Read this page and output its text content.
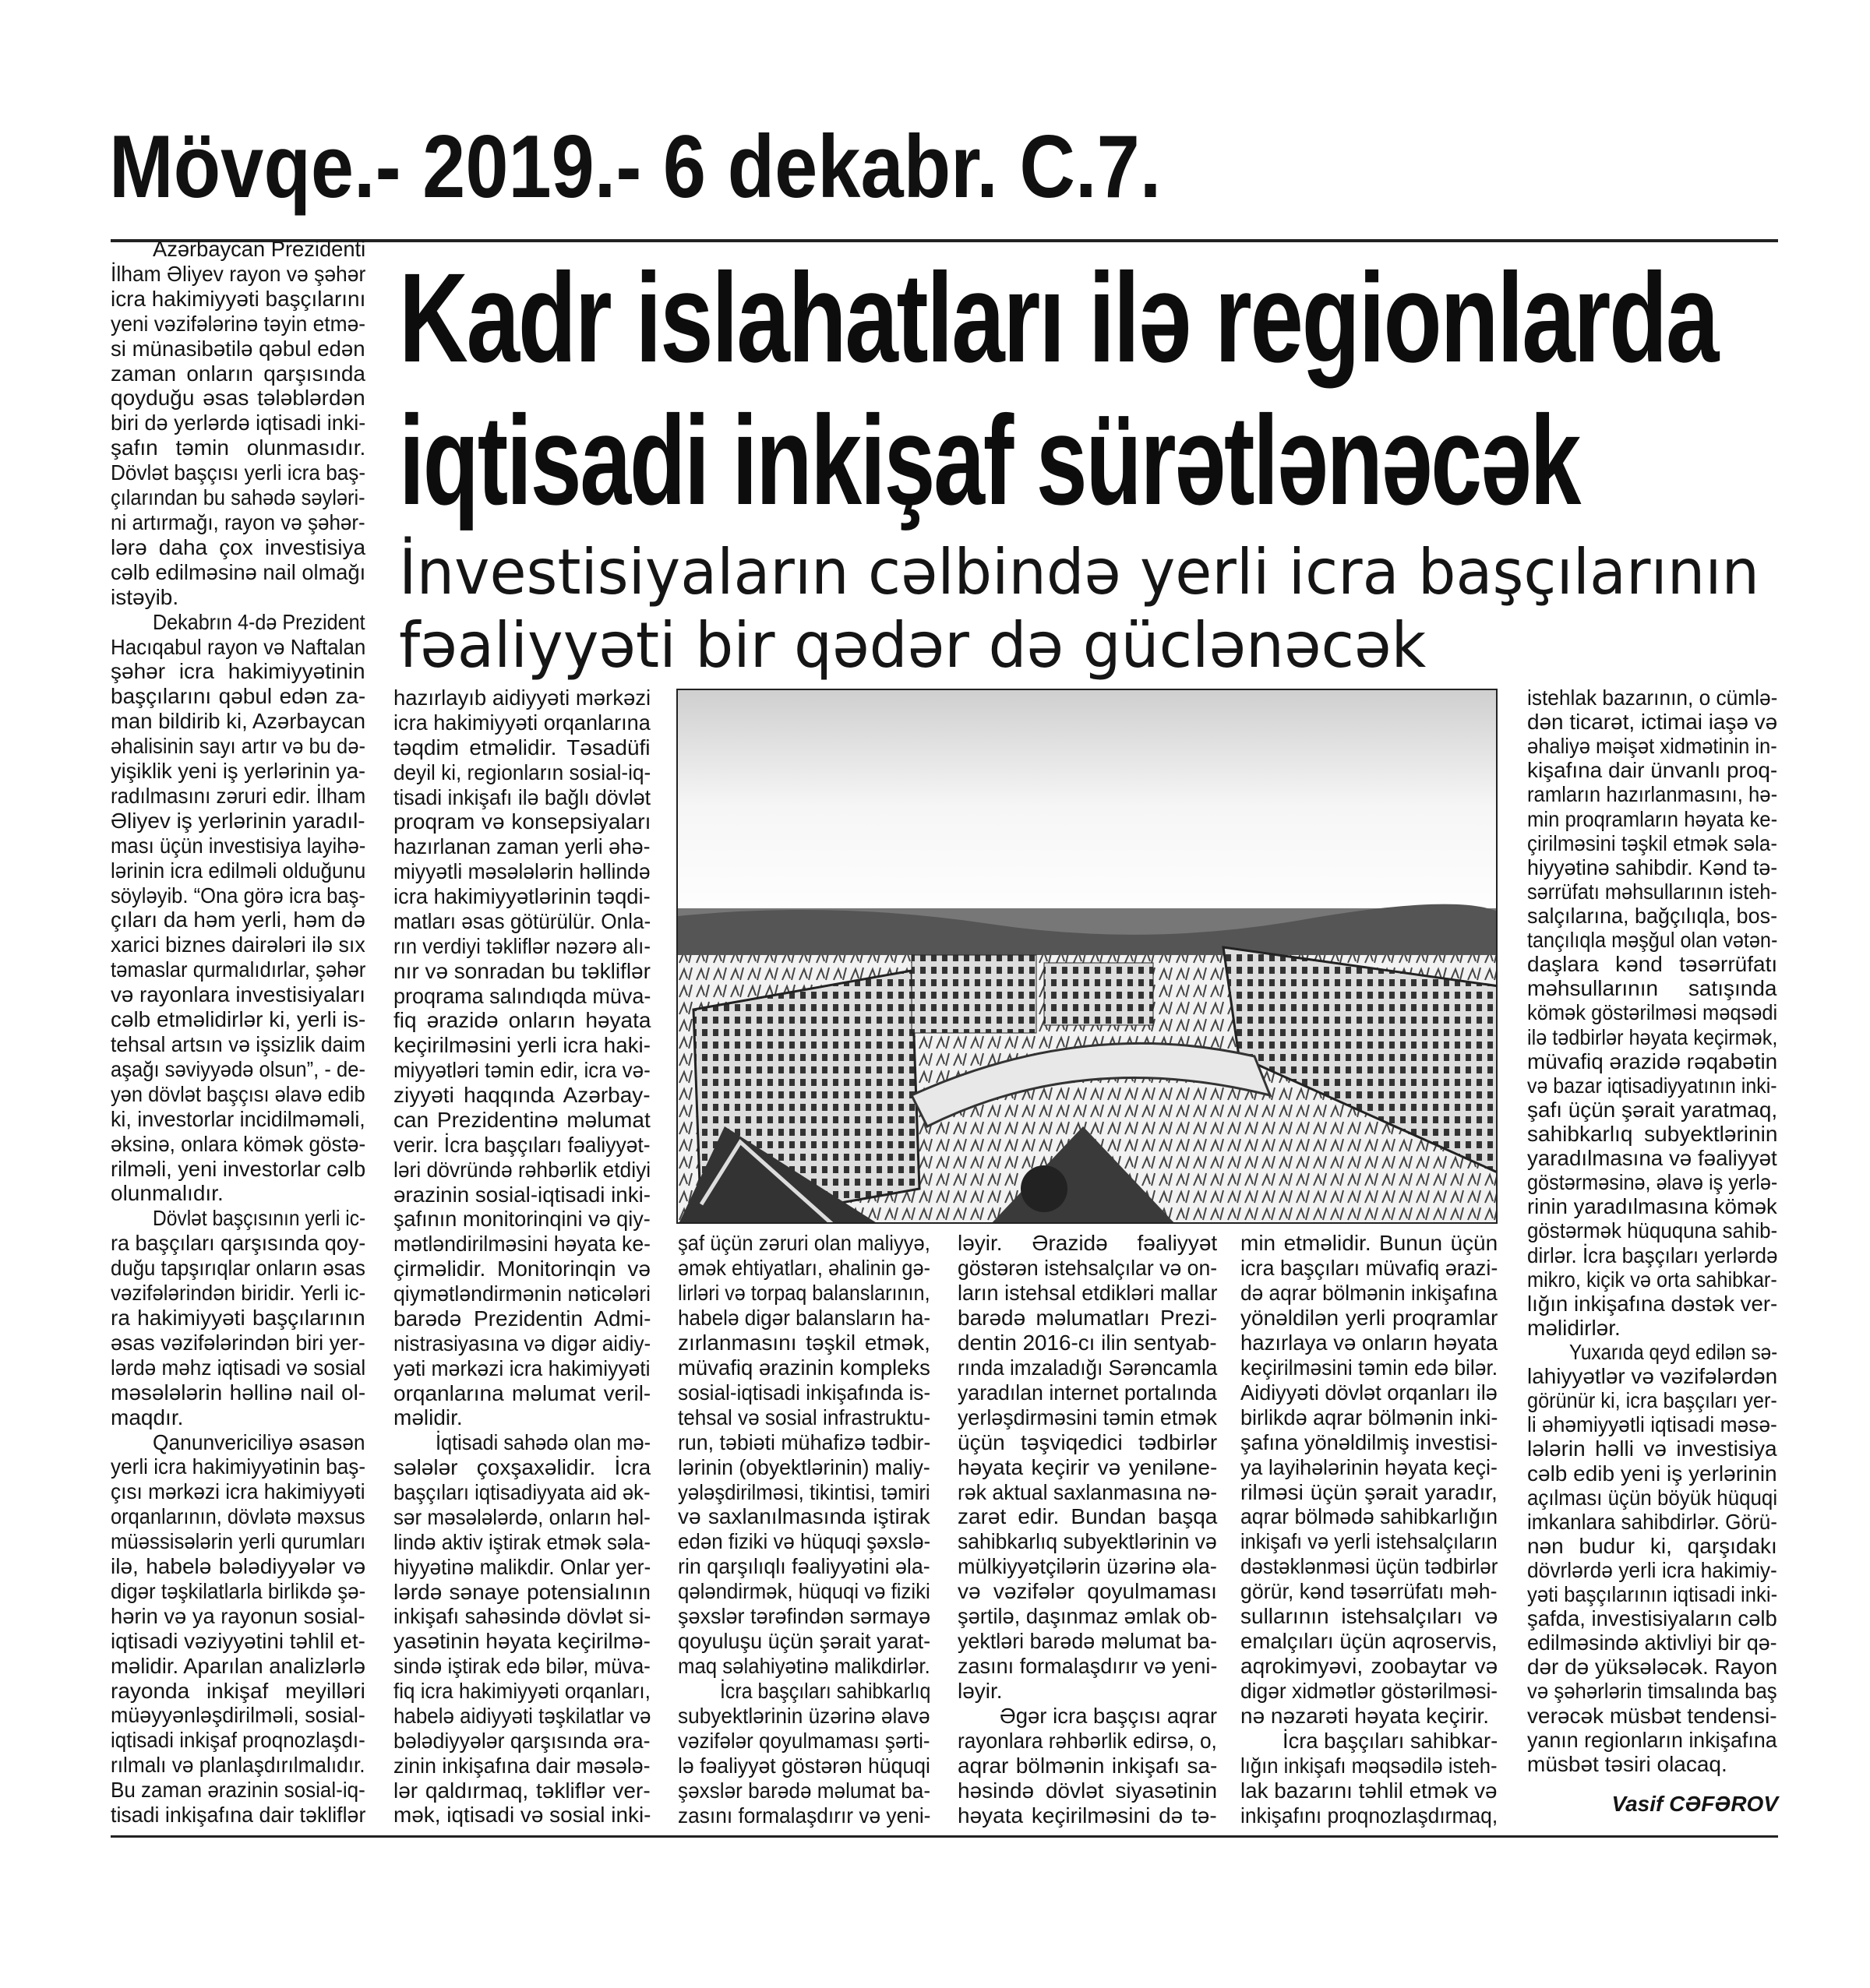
Mövqe.- 2019.- 6 dekabr. C.7.
Kadr islahatları ilə regionlarda
iqtisadi inkişaf sürətlənəcək
İnvestisiyaların cəlbində yerli icra başçılarının
fəaliyyəti bir qədər də güclənəcək
Azərbaycan Prezidenti
İlham Əliyev rayon və şəhər
icra hakimiyyəti başçılarını
yeni vəzifələrinə təyin etmə-
si münasibətilə qəbul edən
zaman onların qarşısında
qoyduğu əsas tələblərdən
biri də yerlərdə iqtisadi inki-
şafın təmin olunmasıdır.
Dövlət başçısı yerli icra baş-
çılarından bu sahədə səyləri-
ni artırmağı, rayon və şəhər-
lərə daha çox investisiya
cəlb edilməsinə nail olmağı
istəyib.
Dekabrın 4-də Prezident
Hacıqabul rayon və Naftalan
şəhər icra hakimiyyətinin
başçılarını qəbul edən za-
man bildirib ki, Azərbaycan
əhalisinin sayı artır və bu də-
yişiklik yeni iş yerlərinin ya-
radılmasını zəruri edir. İlham
Əliyev iş yerlərinin yaradıl-
ması üçün investisiya layihə-
lərinin icra edilməli olduğunu
söyləyib. “Ona görə icra baş-
çıları da həm yerli, həm də
xarici biznes dairələri ilə sıx
təmaslar qurmalıdırlar, şəhər
və rayonlara investisiyaları
cəlb etməlidirlər ki, yerli is-
tehsal artsın və işsizlik daim
aşağı səviyyədə olsun”, - de-
yən dövlət başçısı əlavə edib
ki, investorlar incidilməməli,
əksinə, onlara kömək göstə-
rilməli, yeni investorlar cəlb
olunmalıdır.
Dövlət başçısının yerli ic-
ra başçıları qarşısında qoy-
duğu tapşırıqlar onların əsas
vəzifələrindən biridir. Yerli ic-
ra hakimiyyəti başçılarının
əsas vəzifələrindən biri yer-
lərdə məhz iqtisadi və sosial
məsələlərin həllinə nail ol-
maqdır.
Qanunvericiliyə əsasən
yerli icra hakimiyyətinin baş-
çısı mərkəzi icra hakimiyyəti
orqanlarının, dövlətə məxsus
müəssisələrin yerli qurumları
ilə, habelə bələdiyyələr və
digər təşkilatlarla birlikdə şə-
hərin və ya rayonun sosial-
iqtisadi vəziyyətini təhlil et-
məlidir. Aparılan analizlərlə
rayonda inkişaf meyilləri
müəyyənləşdirilməli, sosial-
iqtisadi inkişaf proqnozlaşdı-
rılmalı və planlaşdırılmalıdır.
Bu zaman ərazinin sosial-iq-
tisadi inkişafına dair təkliflər
hazırlayıb aidiyyəti mərkəzi
icra hakimiyyəti orqanlarına
təqdim etməlidir. Təsadüfi
deyil ki, regionların sosial-iq-
tisadi inkişafı ilə bağlı dövlət
proqram və konsepsiyaları
hazırlanan zaman yerli əhə-
miyyətli məsələlərin həllində
icra hakimiyyətlərinin təqdi-
matları əsas götürülür. Onla-
rın verdiyi təkliflər nəzərə alı-
nır və sonradan bu təkliflər
proqrama salındıqda müva-
fiq ərazidə onların həyata
keçirilməsini yerli icra haki-
miyyətləri təmin edir, icra və-
ziyyəti haqqında Azərbay-
can Prezidentinə məlumat
verir. İcra başçıları fəaliyyət-
ləri dövründə rəhbərlik etdiyi
ərazinin sosial-iqtisadi inki-
şafının monitorinqini və qiy-
mətləndirilməsini həyata ke-
çirməlidir. Monitorinqin və
qiymətləndirmənin nəticələri
barədə Prezidentin Admi-
nistrasiyasına və digər aidiy-
yəti mərkəzi icra hakimiyyəti
orqanlarına məlumat veril-
məlidir.
İqtisadi sahədə olan mə-
sələlər çoxşaxəlidir. İcra
başçıları iqtisadiyyata aid ək-
sər məsələlərdə, onların həl-
lində aktiv iştirak etmək səla-
hiyyətinə malikdir. Onlar yer-
lərdə sənaye potensialının
inkişafı sahəsində dövlət si-
yasətinin həyata keçirilmə-
sində iştirak edə bilər, müva-
fiq icra hakimiyyəti orqanları,
habelə aidiyyəti təşkilatlar və
bələdiyyələr qarşısında əra-
zinin inkişafına dair məsələ-
lər qaldırmaq, təkliflər ver-
mək, iqtisadi və sosial inki-
şaf üçün zəruri olan maliyyə,
əmək ehtiyatları, əhalinin gə-
lirləri və torpaq balanslarının,
habelə digər balansların ha-
zırlanmasını təşkil etmək,
müvafiq ərazinin kompleks
sosial-iqtisadi inkişafında is-
tehsal və sosial infrastruktu-
run, təbiəti mühafizə tədbir-
lərinin (obyektlərinin) maliy-
yələşdirilməsi, tikintisi, təmiri
və saxlanılmasında iştirak
edən fiziki və hüquqi şəxslə-
rin qarşılıqlı fəaliyyətini əla-
qələndirmək, hüquqi və fiziki
şəxslər tərəfindən sərmayə
qoyuluşu üçün şərait yarat-
maq səlahiyətinə malikdirlər.
İcra başçıları sahibkarlıq
subyektlərinin üzərinə əlavə
vəzifələr qoyulmaması şərti-
lə fəaliyyət göstərən hüquqi
şəxslər barədə məlumat ba-
zasını formalaşdırır və yeni-
ləyir. Ərazidə fəaliyyət
göstərən istehsalçılar və on-
ların istehsal etdikləri mallar
barədə məlumatları Prezi-
dentin 2016-cı ilin sentyab-
rında imzaladığı Sərəncamla
yaradılan internet portalında
yerləşdirməsini təmin etmək
üçün təşviqedici tədbirlər
həyata keçirir və yeniləne-
rək aktual saxlanmasına nə-
zarət edir. Bundan başqa
sahibkarlıq subyektlərinin və
mülkiyyətçilərin üzərinə əla-
və vəzifələr qoyulmaması
şərtilə, daşınmaz əmlak ob-
yektləri barədə məlumat ba-
zasını formalaşdırır və yeni-
ləyir.
Əgər icra başçısı aqrar
rayonlara rəhbərlik edirsə, o,
aqrar bölmənin inkişafı sa-
həsində dövlət siyasətinin
həyata keçirilməsini də tə-
min etməlidir. Bunun üçün
icra başçıları müvafiq ərazi-
də aqrar bölmənin inkişafına
yönəldilən yerli proqramlar
hazırlaya və onların həyata
keçirilməsini təmin edə bilər.
Aidiyyəti dövlət orqanları ilə
birlikdə aqrar bölmənin inki-
şafına yönəldilmiş investisi-
ya layihələrinin həyata keçi-
rilməsi üçün şərait yaradır,
aqrar bölmədə sahibkarlığın
inkişafı və yerli istehsalçıların
dəstəklənməsi üçün tədbirlər
görür, kənd təsərrüfatı məh-
sullarının istehsalçıları və
emalçıları üçün aqroservis,
aqrokimyəvi, zoobaytar və
digər xidmətlər göstərilməsi-
nə nəzarəti həyata keçirir.
İcra başçıları sahibkar-
lığın inkişafı məqsədilə isteh-
lak bazarını təhlil etmək və
inkişafını proqnozlaşdırmaq,
istehlak bazarının, o cümlə-
dən ticarət, ictimai iaşə və
əhaliyə məişət xidmətinin in-
kişafına dair ünvanlı proq-
ramların hazırlanmasını, hə-
min proqramların həyata ke-
çirilməsini təşkil etmək səla-
hiyyətinə sahibdir. Kənd tə-
sərrüfatı məhsullarının isteh-
salçılarına, bağçılıqla, bos-
tançılıqla məşğul olan vətən-
daşlara kənd təsərrüfatı
məhsullarının satışında
kömək göstərilməsi məqsədi
ilə tədbirlər həyata keçirmək,
müvafiq ərazidə rəqabətin
və bazar iqtisadiyyatının inki-
şafı üçün şərait yaratmaq,
sahibkarlıq subyektlərinin
yaradılmasına və fəaliyyət
göstərməsinə, əlavə iş yerlə-
rinin yaradılmasına kömək
göstərmək hüququna sahib-
dirlər. İcra başçıları yerlərdə
mikro, kiçik və orta sahibkar-
lığın inkişafına dəstək ver-
məlidirlər.
Yuxarıda qeyd edilən sə-
lahiyyətlər və vəzifələrdən
görünür ki, icra başçıları yer-
li əhəmiyyətli iqtisadi məsə-
lələrin həlli və investisiya
cəlb edib yeni iş yerlərinin
açılması üçün böyük hüquqi
imkanlara sahibdirlər. Görü-
nən budur ki, qarşıdakı
dövrlərdə yerli icra hakimiy-
yəti başçılarının iqtisadi inki-
şafda, investisiyaların cəlb
edilməsində aktivliyi bir qə-
dər də yüksələcək. Rayon
və şəhərlərin timsalında baş
verəcək müsbət tendensi-
yanın regionların inkişafına
müsbət təsiri olacaq.
Vasif CƏFƏROV
